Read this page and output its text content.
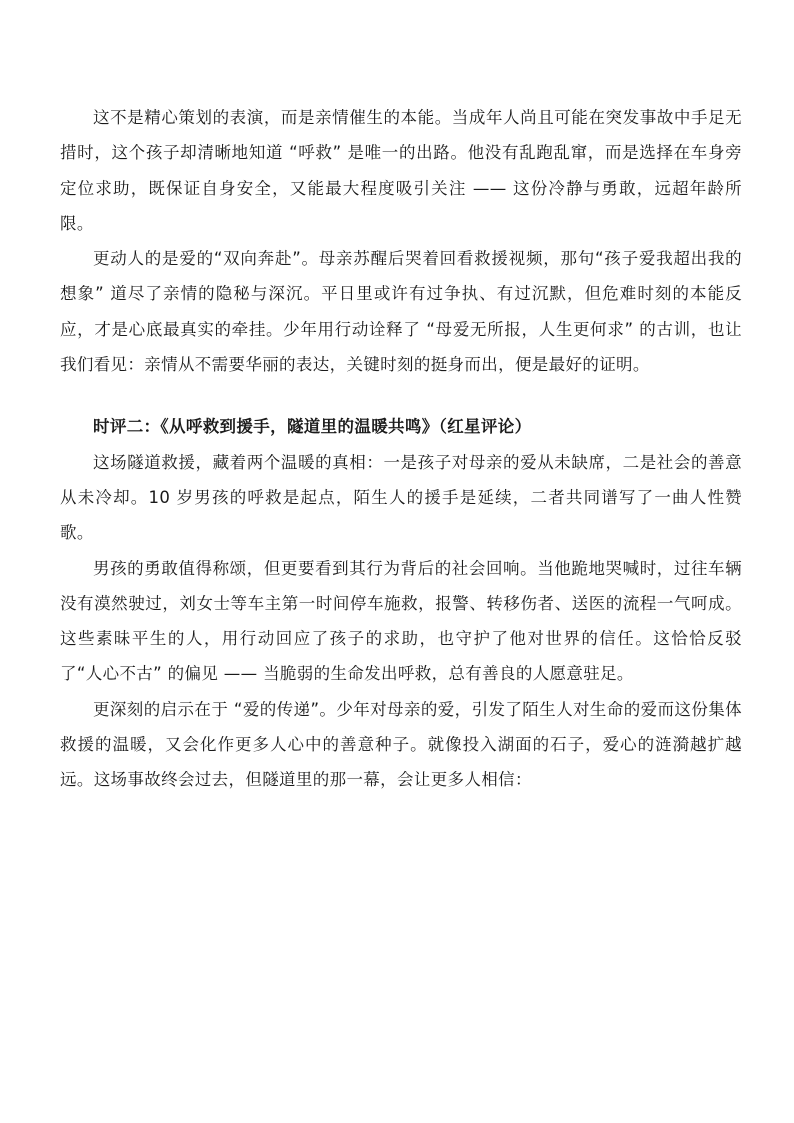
这不是精心策划的表演，而是亲情催生的本能。当成年人尚且可能在突发事故中手足无措时，这个孩子却清晰地知道 “呼救” 是唯一的出路。他没有乱跑乱窜，而是选择在车身旁定位求助，既保证自身安全，又能最大程度吸引关注 —— 这份冷静与勇敢，远超年龄所限。

更动人的是爱的“双向奔赴”。母亲苏醒后哭着回看救援视频，那句“孩子爱我超出我的想象” 道尽了亲情的隐秘与深沉。平日里或许有过争执、有过沉默，但危难时刻的本能反应，才是心底最真实的牵挂。少年用行动诠释了 “母爱无所报，人生更何求” 的古训，也让我们看见：亲情从不需要华丽的表达，关键时刻的挺身而出，便是最好的证明。

时评二：《从呼救到援手，隧道里的温暖共鸣》（红星评论）

这场隧道救援，藏着两个温暖的真相：一是孩子对母亲的爱从未缺席，二是社会的善意从未冷却。10 岁男孩的呼救是起点，陌生人的援手是延续，二者共同谱写了一曲人性赞歌。

男孩的勇敢值得称颂，但更要看到其行为背后的社会回响。当他跪地哭喊时，过往车辆没有漠然驶过，刘女士等车主第一时间停车施救，报警、转移伤者、送医的流程一气呵成。这些素昧平生的人，用行动回应了孩子的求助，也守护了他对世界的信任。这恰恰反驳了“人心不古” 的偏见 —— 当脆弱的生命发出呼救，总有善良的人愿意驻足。

更深刻的启示在于 “爱的传递”。少年对母亲的爱，引发了陌生人对生命的爱而这份集体救援的温暖，又会化作更多人心中的善意种子。就像投入湖面的石子，爱心的涟漪越扩越远。这场事故终会过去，但隧道里的那一幕，会让更多人相信：
